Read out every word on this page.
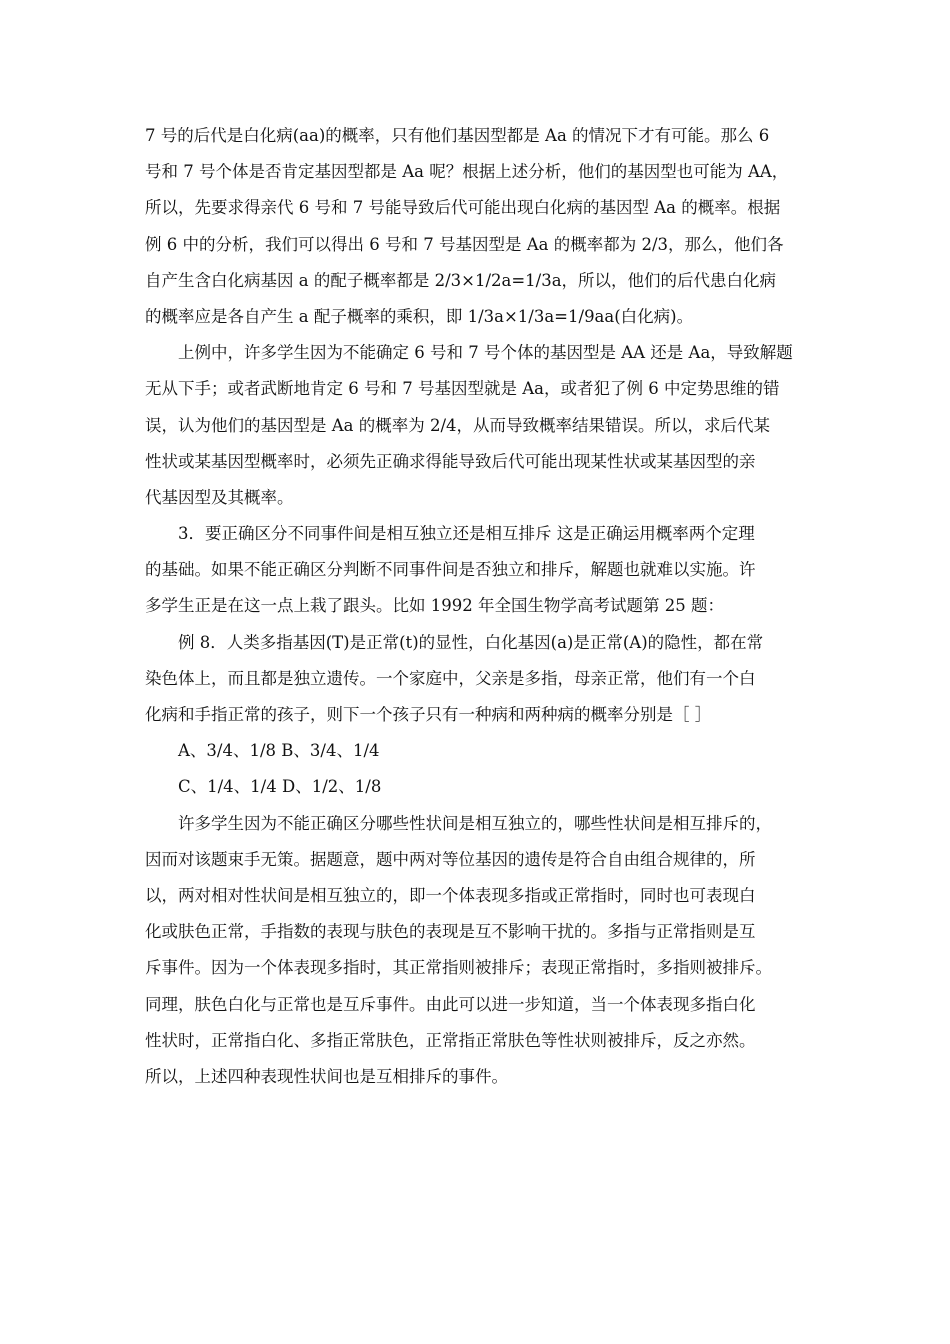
7 号的后代是白化病(aa)的概率，只有他们基因型都是 Aa 的情况下才有可能。那么 6
号和 7 号个体是否肯定基因型都是 Aa 呢？根据上述分析，他们的基因型也可能为 AA，
所以，先要求得亲代 6 号和 7 号能导致后代可能出现白化病的基因型 Aa 的概率。根据
例 6 中的分析，我们可以得出 6 号和 7 号基因型是 Aa 的概率都为 2/3，那么，他们各
自产生含白化病基因 a 的配子概率都是 2/3×1/2a=1/3a，所以，他们的后代患白化病
的概率应是各自产生 a 配子概率的乘积，即 1/3a×1/3a=1/9aa(白化病)。
上例中，许多学生因为不能确定 6 号和 7 号个体的基因型是 AA 还是 Aa，导致解题
无从下手；或者武断地肯定 6 号和 7 号基因型就是 Aa，或者犯了例 6 中定势思维的错
误，认为他们的基因型是 Aa 的概率为 2/4，从而导致概率结果错误。所以，求后代某
性状或某基因型概率时，必须先正确求得能导致后代可能出现某性状或某基因型的亲
代基因型及其概率。
3．要正确区分不同事件间是相互独立还是相互排斥 这是正确运用概率两个定理
的基础。如果不能正确区分判断不同事件间是否独立和排斥，解题也就难以实施。许
多学生正是在这一点上栽了跟头。比如 1992 年全国生物学高考试题第 25 题：
例 8．人类多指基因(T)是正常(t)的显性，白化基因(a)是正常(A)的隐性，都在常
染色体上，而且都是独立遗传。一个家庭中，父亲是多指，母亲正常，他们有一个白
化病和手指正常的孩子，则下一个孩子只有一种病和两种病的概率分别是［ ］
A、3/4、1/8 B、3/4、1/4
C、1/4、1/4 D、1/2、1/8
许多学生因为不能正确区分哪些性状间是相互独立的，哪些性状间是相互排斥的，
因而对该题束手无策。据题意，题中两对等位基因的遗传是符合自由组合规律的，所
以，两对相对性状间是相互独立的，即一个体表现多指或正常指时，同时也可表现白
化或肤色正常，手指数的表现与肤色的表现是互不影响干扰的。多指与正常指则是互
斥事件。因为一个体表现多指时，其正常指则被排斥；表现正常指时，多指则被排斥。
同理，肤色白化与正常也是互斥事件。由此可以进一步知道，当一个体表现多指白化
性状时，正常指白化、多指正常肤色，正常指正常肤色等性状则被排斥，反之亦然。
所以，上述四种表现性状间也是互相排斥的事件。
